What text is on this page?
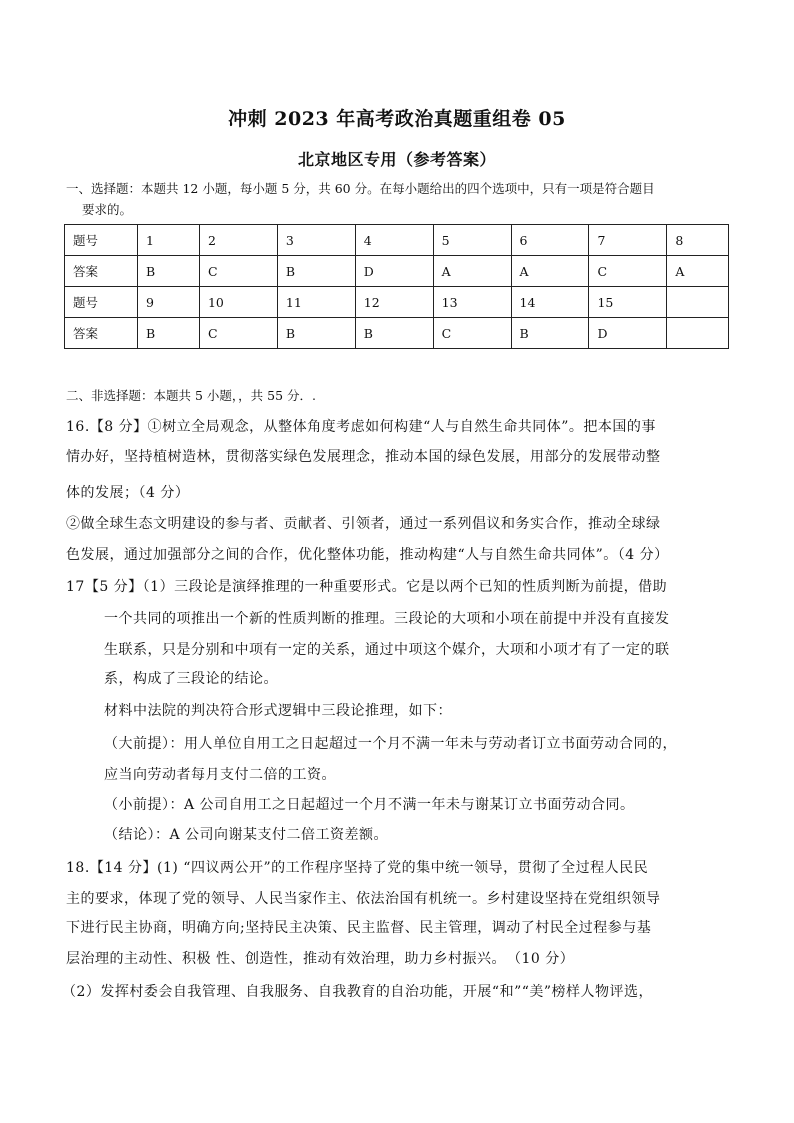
冲刺 2023 年高考政治真题重组卷 05
北京地区专用（参考答案）
一、选择题：本题共 12 小题，每小题 5 分，共 60 分。在每小题给出的四个选项中，只有一项是符合题目

要求的。
题号	1	2	3	4	5	6	7	8
答案	B	C	B	D	A	A	C	A
题号	9	10	11	12	13	14	15	
答案	B	C	B	B	C	B	D	
二、非选择题：本题共 5 小题，，共 55 分．.
16.【8 分】①树立全局观念，从整体角度考虑如何构建“人与自然生命共同体”。把本国的事
情办好，坚持植树造林，贯彻落实绿色发展理念，推动本国的绿色发展，用部分的发展带动整
体的发展；（4 分）
②做全球生态文明建设的参与者、贡献者、引领者，通过一系列倡议和务实合作，推动全球绿
色发展，通过加强部分之间的合作，优化整体功能，推动构建“人与自然生命共同体”。（4 分）
17【5 分】（1）三段论是演绎推理的一种重要形式。它是以两个已知的性质判断为前提，借助
一个共同的项推出一个新的性质判断的推理。三段论的大项和小项在前提中并没有直接发
生联系，只是分别和中项有一定的关系，通过中项这个媒介，大项和小项才有了一定的联
系，构成了三段论的结论。
材料中法院的判决符合形式逻辑中三段论推理，如下：
（大前提）：用人单位自用工之日起超过一个月不满一年未与劳动者订立书面劳动合同的，
应当向劳动者每月支付二倍的工资。
（小前提）：A 公司自用工之日起超过一个月不满一年未与谢某订立书面劳动合同。
（结论）：A 公司向谢某支付二倍工资差额。
18.【14 分】(1) “四议两公开”的工作程序坚持了党的集中统一领导，贯彻了全过程人民民
主的要求，体现了党的领导、人民当家作主、依法治国有机统一。乡村建设坚持在党组织领导
下进行民主协商，明确方向;坚持民主决策、民主监督、民主管理，调动了村民全过程参与基
层治理的主动性、积极 性、创造性，推动有效治理，助力乡村振兴。 （10 分）
（2）发挥村委会自我管理、自我服务、自我教育的自治功能，开展“和”“美”榜样人物评选，
